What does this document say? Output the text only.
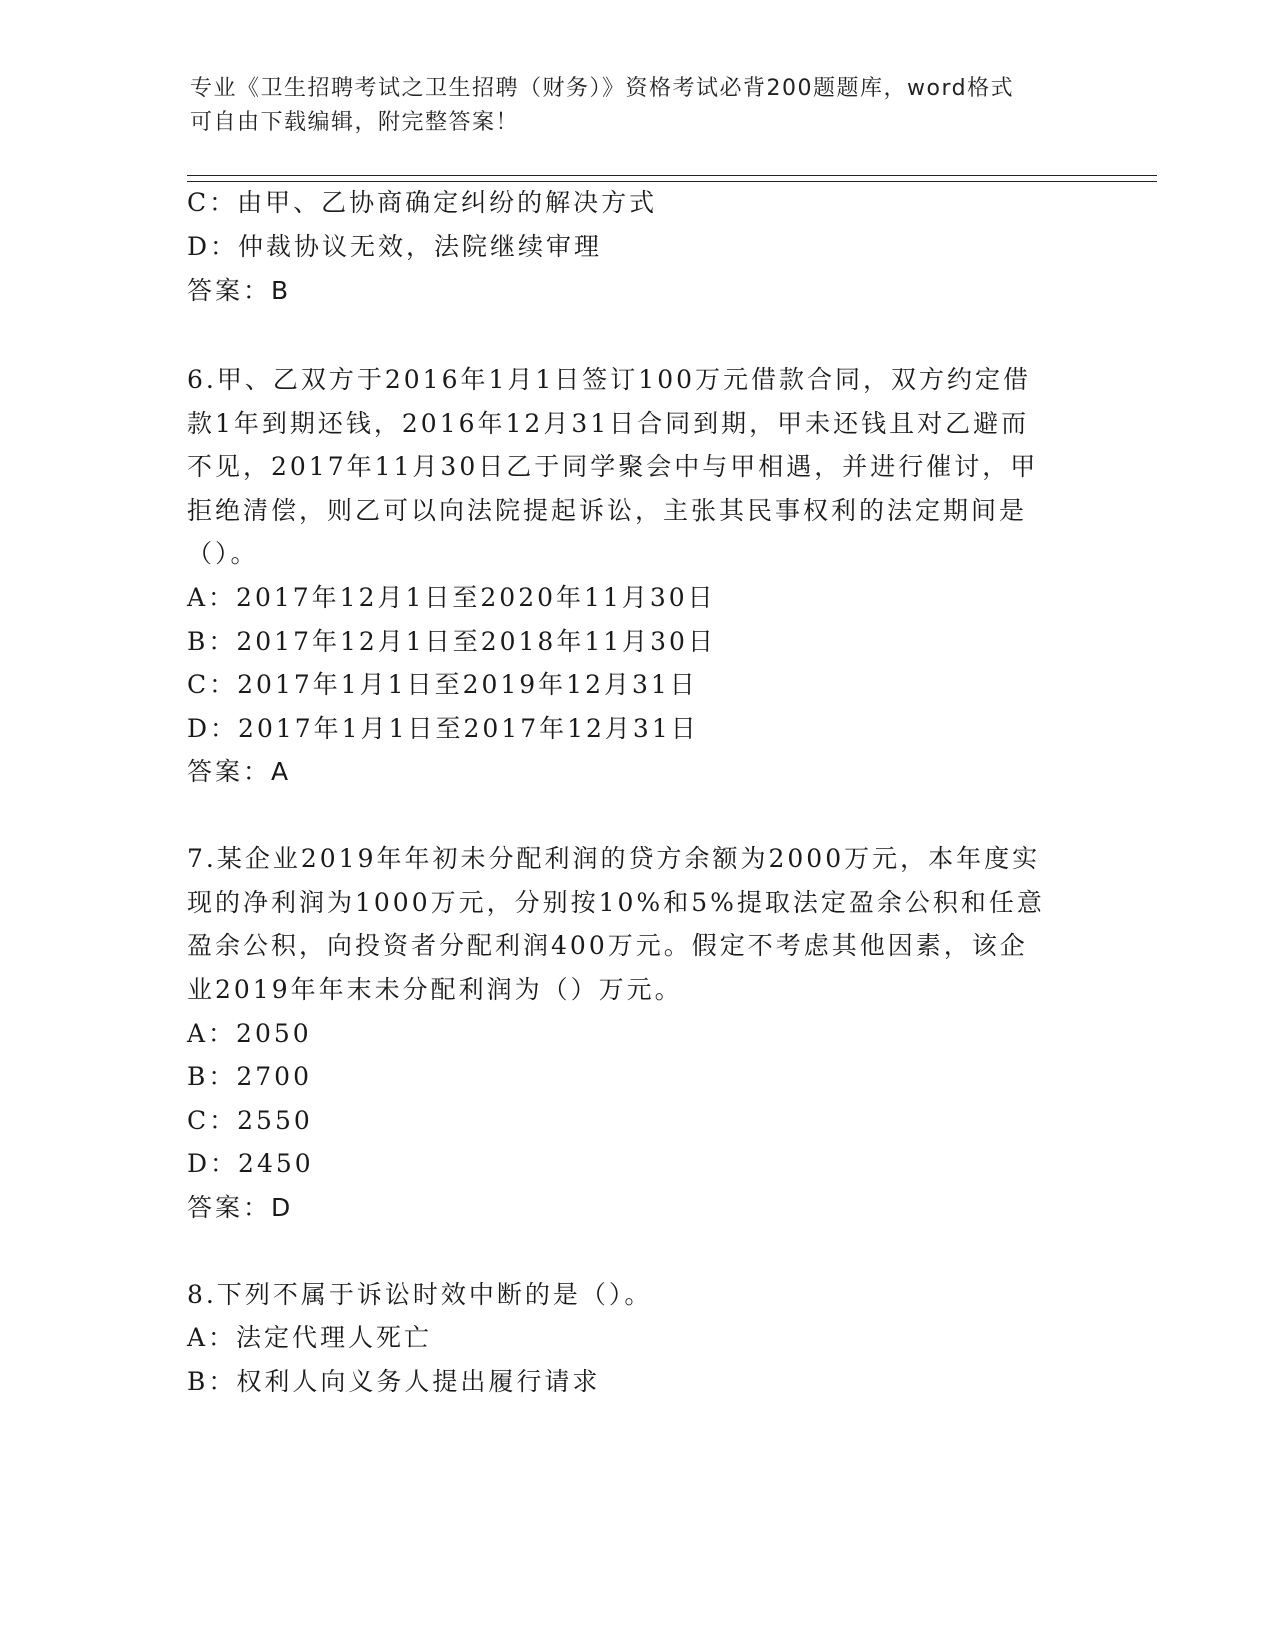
专业《卫生招聘考试之卫生招聘（财务）》资格考试必背200题题库，word格式
可自由下载编辑，附完整答案！
C：由甲、乙协商确定纠纷的解决方式
D：仲裁协议无效，法院继续审理
答案：B
6.甲、乙双方于2016年1月1日签订100万元借款合同，双方约定借
款1年到期还钱，2016年12月31日合同到期，甲未还钱且对乙避而
不见，2017年11月30日乙于同学聚会中与甲相遇，并进行催讨，甲
拒绝清偿，则乙可以向法院提起诉讼，主张其民事权利的法定期间是
（）。
A：2017年12月1日至2020年11月30日
B：2017年12月1日至2018年11月30日
C：2017年1月1日至2019年12月31日
D：2017年1月1日至2017年12月31日
答案：A
7.某企业2019年年初未分配利润的贷方余额为2000万元，本年度实
现的净利润为1000万元，分别按10%和5%提取法定盈余公积和任意
盈余公积，向投资者分配利润400万元。假定不考虑其他因素，该企
业2019年年末未分配利润为（）万元。
A：2050
B：2700
C：2550
D：2450
答案：D
8.下列不属于诉讼时效中断的是（）。
A：法定代理人死亡
B：权利人向义务人提出履行请求
